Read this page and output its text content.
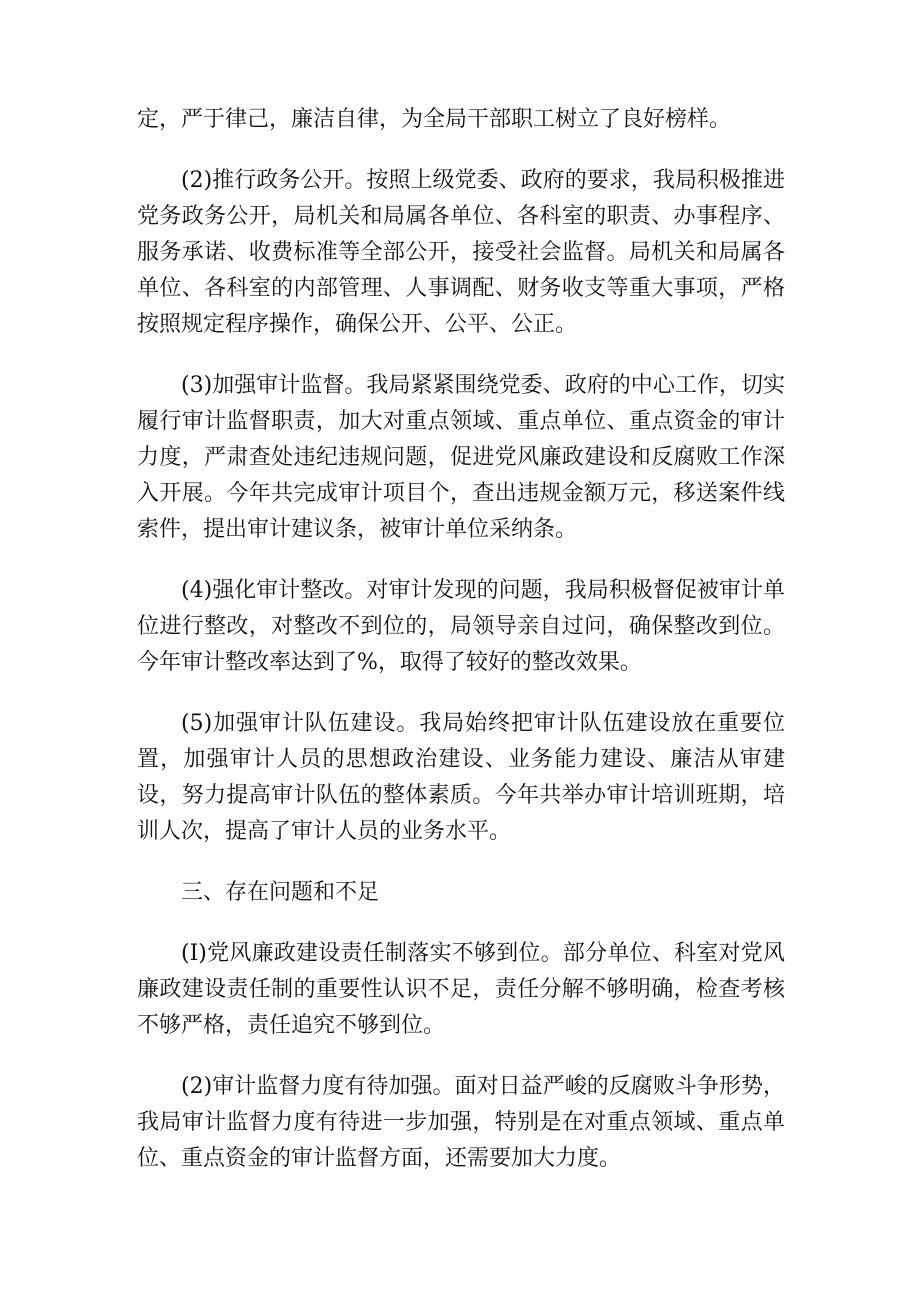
定，严于律己，廉洁自律，为全局干部职工树立了良好榜样。

(2)推行政务公开。按照上级党委、政府的要求，我局积极推进党务政务公开，局机关和局属各单位、各科室的职责、办事程序、服务承诺、收费标准等全部公开，接受社会监督。局机关和局属各单位、各科室的内部管理、人事调配、财务收支等重大事项，严格按照规定程序操作，确保公开、公平、公正。

(3)加强审计监督。我局紧紧围绕党委、政府的中心工作，切实履行审计监督职责，加大对重点领域、重点单位、重点资金的审计力度，严肃查处违纪违规问题，促进党风廉政建设和反腐败工作深入开展。今年共完成审计项目个，查出违规金额万元，移送案件线索件，提出审计建议条，被审计单位采纳条。

(4)强化审计整改。对审计发现的问题，我局积极督促被审计单位进行整改，对整改不到位的，局领导亲自过问，确保整改到位。今年审计整改率达到了%，取得了较好的整改效果。

(5)加强审计队伍建设。我局始终把审计队伍建设放在重要位置，加强审计人员的思想政治建设、业务能力建设、廉洁从审建设，努力提高审计队伍的整体素质。今年共举办审计培训班期，培训人次，提高了审计人员的业务水平。

三、存在问题和不足

(I)党风廉政建设责任制落实不够到位。部分单位、科室对党风廉政建设责任制的重要性认识不足，责任分解不够明确，检查考核不够严格，责任追究不够到位。

(2)审计监督力度有待加强。面对日益严峻的反腐败斗争形势，我局审计监督力度有待进一步加强，特别是在对重点领域、重点单位、重点资金的审计监督方面，还需要加大力度。
